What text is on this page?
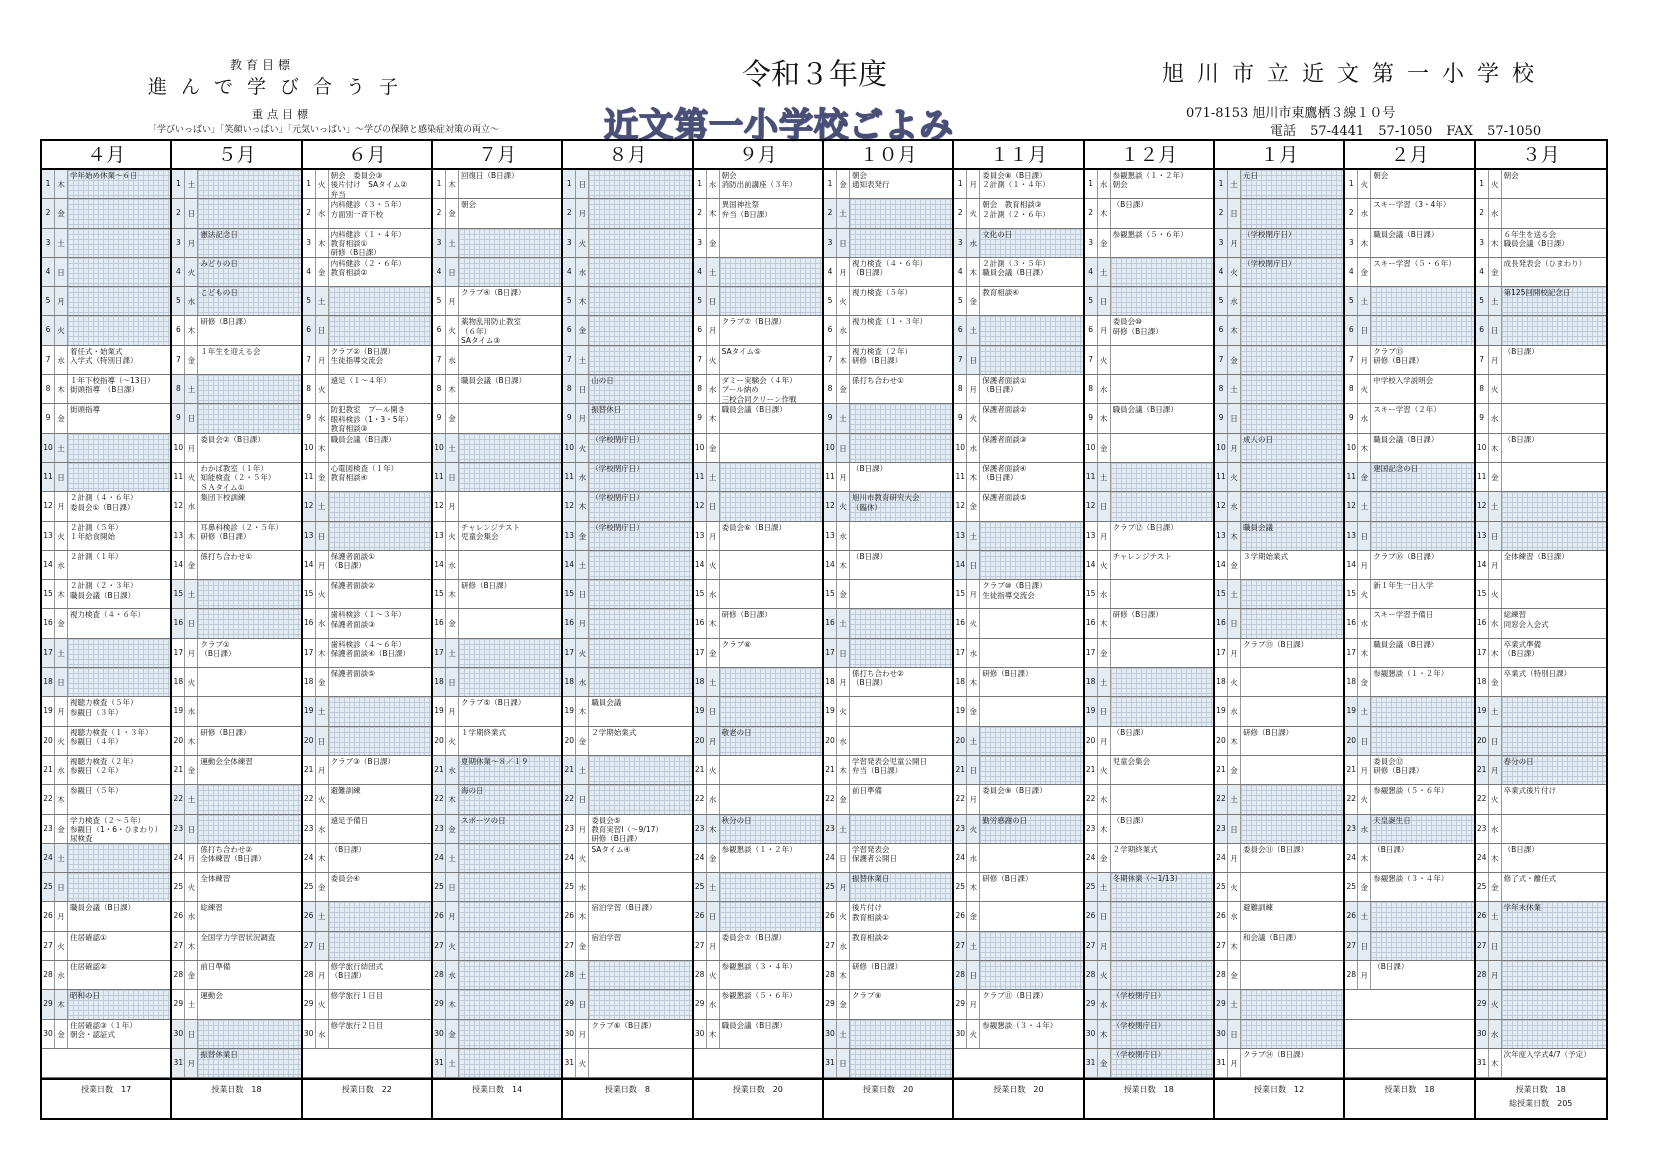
教育目標
進んで学び合う子
重点目標
「学びいっぱい」「笑顔いっぱい」「元気いっぱい」～学びの保障と感染症対策の両立～
令和３年度
近文第一小学校ごよみ
旭川市立近文第一小学校
071-8153 旭川市東鷹栖３線１０号
電話 57-4441 57-1050 FAX 57-1050
４月
1 木
学年始め休業～６日
2 金
3 土
4 日
5 月
6 火
7 水
着任式・始業式
入学式（特別日課）
8 木
１年下校指導（～13日）
街頭指導　（B日課）
9 金
街頭指導
10 土
11 日
12 月
２計測（４・６年）
委員会①（B日課）
13 火
２計測（５年）
１年給食開始
14 水
２計測（１年）
15 木
２計測（２・３年）
職員会議（B日課）
16 金
視力検査（４・６年）
17 土
18 日
19 月
視聴力検査（５年）
参観日（３年）
20 火
視聴力検査（１・３年）
参観日（４年）
21 水
視聴力検査（２年）
参観日（２年）
22 木
参観日（５年）
23 金
学力検査（２～５年）
参観日（1・6・ひまわり）
尿検査
24 土
25 日
26 月
職員会議（B日課）
27 火
住居確認①
28 水
住居確認②
29 木
昭和の日
30 金
住居確認③（１年）
朝会・認証式
授業日数 17
５月
1 土
2 日
3 月
憲法記念日
4 火
みどりの日
5 水
こどもの日
6 木
研修（B日課）
7 金
１年生を迎える会
8 土
9 日
10 月
委員会②（B日課）
11 火
わかば教室（１年）
知能検査（２・５年）
ＳＡタイム①
12 水
集団下校訓練
13 木
耳鼻科検診（２・５年）
研修（B日課）
14 金
係打ち合わせ①
15 土
16 日
17 月
クラブ①
（B日課）
18 火
19 水
20 木
研修（B日課）
21 金
運動会全体練習
22 土
23 日
24 月
係打ち合わせ②
全体練習（B日課）
25 火
全体練習
26 水
総練習
27 木
全国学力学習状況調査
28 金
前日準備
29 土
運動会
30 日
31 月
振替休業日
授業日数 18
６月
1 火
朝会　委員会③
後片付け　SAタイム②
弁当
2 水
内科健診（３・５年）
方面別一斉下校
3 木
内科健診（１・４年）
教育相談①
研修（B日課）
4 金
内科健診（２・６年）
教育相談②
5 土
6 日
7 月
クラブ②（B日課）
生徒指導交流会
8 火
遠足（１～４年）
9 水
防犯教室　プール開き
眼科検診（1・3・5年）
教育相談③
10 木
職員会議（B日課）
11 金
心電図検査（１年）
教育相談④
12 土
13 日
14 月
保護者面談①
（B日課）
15 火
保護者面談②
16 水
歯科検診（１～３年）
保護者面談③
17 木
歯科検診（４～６年）
保護者面談④（B日課）
18 金
保護者面談⑤
19 土
20 日
21 月
クラブ③（B日課）
22 火
避難訓練
23 水
遠足予備日
24 木
（B日課）
25 金
委員会④
26 土
27 日
28 月
修学旅行結団式
（B日課）
29 火
修学旅行１日目
30 水
修学旅行２日目
授業日数 22
７月
1 木
回復日（B日課）
2 金
朝会
3 土
4 日
5 月
クラブ④（B日課）
6 火
薬物乱用防止教室
（６年）
SAタイム③
7 水
8 木
職員会議（B日課）
9 金
10 土
11 日
12 月
13 火
チャレンジテスト
児童会集会
14 水
15 木
研修（B日課）
16 金
17 土
18 日
19 月
クラブ⑤（B日課）
20 火
１学期終業式
21 水
夏期休業～８／１９
22 木
海の日
23 金
スポーツの日
24 土
25 日
26 月
27 火
28 水
29 木
30 金
31 土
授業日数 14
８月
1 日
2 月
3 火
4 水
5 木
6 金
7 土
8 日
山の日
9 月
振替休日
10 火
（学校閉庁日）
11 水
（学校閉庁日）
12 木
（学校閉庁日）
13 金
（学校閉庁日）
14 土
15 日
16 月
17 火
18 水
19 木
職員会議
20 金
２学期始業式
21 土
22 日
23 月
委員会⑤
教育実習Ⅰ（～9/17）
研修（B日課）
24 火
SAタイム④
25 水
26 木
宿泊学習（B日課）
27 金
宿泊学習
28 土
29 日
30 月
クラブ⑥（B日課）
31 火
授業日数 8
９月
1 水
朝会
消防出前講座（３年）
2 木
異国神社祭
弁当（B日課）
3 金
4 土
5 日
6 月
クラブ⑦（B日課）
7 火
SAタイム⑤
8 水
ダミー実験会（４年）
プール納め
三校合同クリーン作戦
9 木
職員会議（B日課）
10 金
11 土
12 日
13 月
委員会⑥（B日課）
14 火
15 水
16 木
研修（B日課）
17 金
クラブ⑧
18 土
19 日
20 月
敬老の日
21 火
22 水
23 木
秋分の日
24 金
参観懇談（１・２年）
25 土
26 日
27 月
委員会⑦（B日課）
28 火
参観懇談（３・４年）
29 水
参観懇談（５・６年）
30 木
職員会議（B日課）
授業日数 20
１０月
1 金
朝会
通知表発行
2 土
3 日
4 月
視力検査（４・６年）
（B日課）
5 火
視力検査（５年）
6 水
視力検査（１・３年）
7 木
視力検査（２年）
研修（B日課）
8 金
係打ち合わせ①
9 土
10 日
11 月
（B日課）
12 火
旭川市教育研究大会
（臨休）
13 水
14 木
（B日課）
15 金
16 土
17 日
18 月
係打ち合わせ②
（B日課）
19 火
20 水
21 木
学習発表会児童公開日
弁当（B日課）
22 金
前日準備
23 土
24 日
学習発表会
保護者公開日
25 月
振替休業日
26 火
後片付け
教育相談①
27 水
教育相談②
28 木
研修（B日課）
29 金
クラブ⑨
30 土
31 日
授業日数 20
１１月
1 月
委員会⑧（B日課）
２計測（１・４年）
2 火
朝会　教育相談③
２計測（２・６年）
3 水
文化の日
4 木
２計測（３・５年）
職員会議（B日課）
5 金
教育相談④
6 土
7 日
8 月
保護者面談①
（B日課）
9 火
保護者面談②
10 水
保護者面談③
11 木
保護者面談④
（B日課）
12 金
保護者面談⑤
13 土
14 日
15 月
クラブ⑩（B日課）
生徒指導交流会
16 火
17 水
18 木
研修（B日課）
19 金
20 土
21 日
22 月
委員会⑨（B日課）
23 火
勤労感謝の日
24 水
25 木
研修（B日課）
26 金
27 土
28 日
29 月
クラブ⑪（B日課）
30 火
参観懇談（３・４年）
授業日数 20
１２月
1 水
参観懇談（１・２年）
朝会
2 木
（B日課）
3 金
参観懇談（５・６年）
4 土
5 日
6 月
委員会⑩
研修（B日課）
7 火
8 水
9 木
職員会議（B日課）
10 金
11 土
12 日
13 月
クラブ⑫（B日課）
14 火
チャレンジテスト
15 水
16 木
研修（B日課）
17 金
18 土
19 日
20 月
（B日課）
21 火
児童会集会
22 水
23 木
（B日課）
24 金
２学期終業式
25 土
冬期休業（～1/13）
26 日
27 月
28 火
29 水
（学校閉庁日）
30 木
（学校閉庁日）
31 金
（学校閉庁日）
授業日数 18
１月
1 土
元日
2 日
3 月
（学校閉庁日）
4 火
（学校閉庁日）
5 水
6 木
7 金
8 土
9 日
10 月
成人の日
11 火
12 水
13 木
職員会議
14 金
３学期始業式
15 土
16 日
17 月
クラブ⑬（B日課）
18 火
19 水
20 木
研修（B日課）
21 金
22 土
23 日
24 月
委員会⑪（B日課）
25 火
26 水
避難訓練
27 木
和会議（B日課）
28 金
29 土
30 日
31 月
クラブ⑭（B日課）
授業日数 12
２月
1 火
朝会
2 水
スキー学習（3・4年）
3 木
職員会議（B日課）
4 金
スキー学習（５・６年）
5 土
6 日
7 月
クラブ⑮
研修（B日課）
8 火
中学校入学説明会
9 水
スキー学習（２年）
10 木
職員会議（B日課）
11 金
建国記念の日
12 土
13 日
14 月
クラブ⑯（B日課）
15 火
新１年生一日入学
16 水
スキー学習予備日
17 木
職員会議（B日課）
18 金
参観懇談（１・２年）
19 土
20 日
21 月
委員会⑫
研修（B日課）
22 火
参観懇談（５・６年）
23 水
天皇誕生日
24 木
（B日課）
25 金
参観懇談（３・４年）
26 土
27 日
28 月
（B日課）
授業日数 18
３月
1 火
朝会
2 水
3 木
６年生を送る会
職員会議（B日課）
4 金
成長発表会（ひまわり）
5 土
第125回開校記念日
6 日
7 月
（B日課）
8 火
9 水
10 木
（B日課）
11 金
12 土
13 日
14 月
全体練習（B日課）
15 火
16 水
総練習
同窓会入会式
17 木
卒業式準備
（B日課）
18 金
卒業式（特別日課）
19 土
20 日
21 月
春分の日
22 火
卒業式後片付け
23 水
24 木
（B日課）
25 金
修了式・離任式
26 土
学年末休業
27 日
28 月
29 火
30 水
31 木
次年度入学式4/7（予定）
授業日数 18
総授業日数 205
